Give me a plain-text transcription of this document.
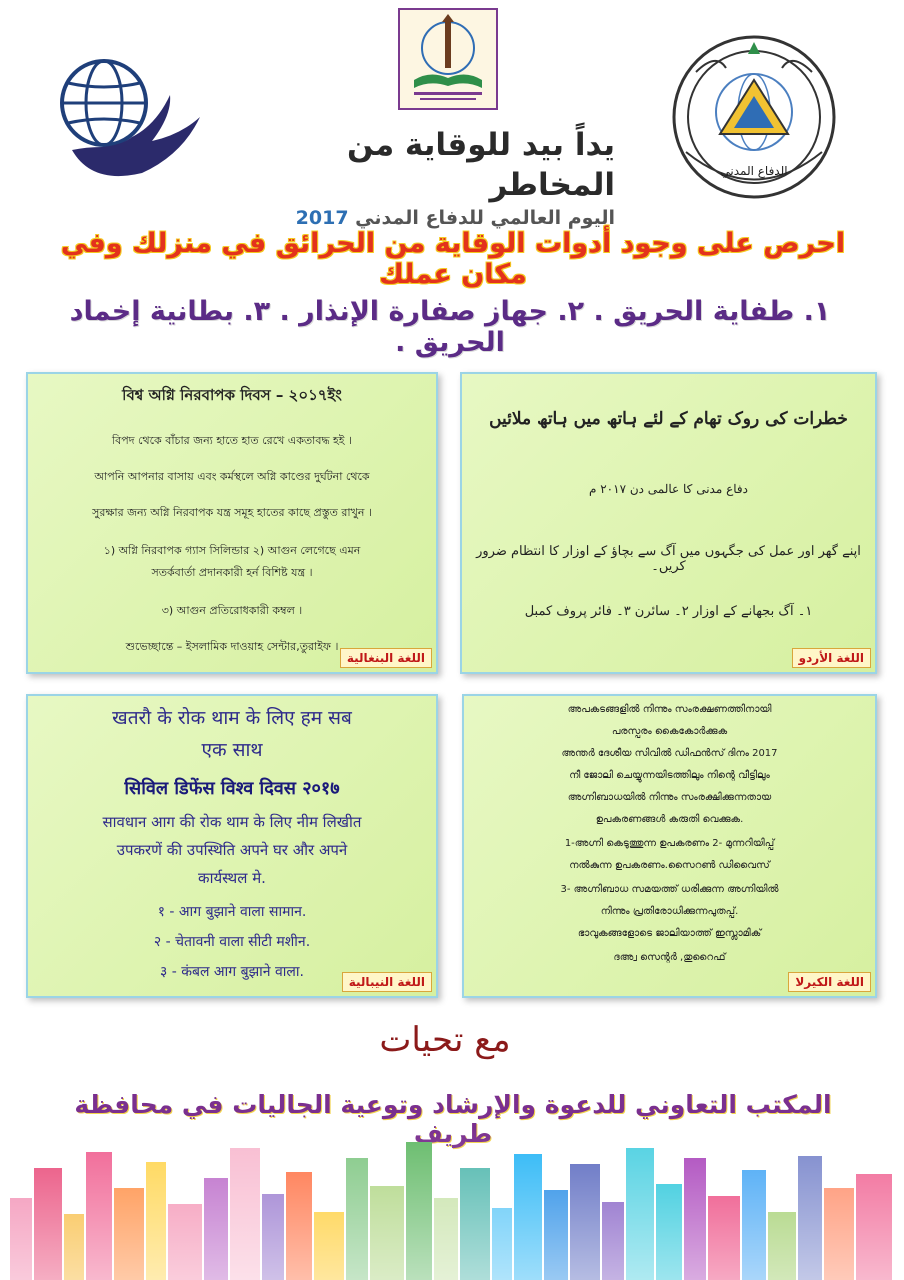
الدفاع المدني
يداً بيد للوقاية من المخاطر
اليوم العالمي للدفاع المدني 2017
احرص على وجود أدوات الوقاية من الحرائق في منزلك وفي مكان عملك
١. طفاية الحريق . ٢. جهاز صفارة الإنذار . ٣. بطانية إخماد الحريق .
বিশ্ব অগ্নি নিরবাপক দিবস – ২০১৭ইং
বিপদ থেকে বাঁচার জন্য হাতে হাত রেখে একতাবদ্ধ হই ।
আপনি আপনার বাসায় এবং কর্মস্থলে অগ্নি কাণ্ডের দুর্ঘটনা থেকে
সুরক্ষার জন্য অগ্নি নিরবাপক যন্ত্র সমূহ হাতের কাছে প্রস্তুত রাখুন ।
১) অগ্নি নিরবাপক গ্যাস সিলিন্ডার ২) আগুন লেগেছে এমন
সতর্কবার্তা প্রদানকারী হর্ন বিশিষ্ট যন্ত্র ।
৩) আগুন প্রতিরোধকারী কম্বল ।
শুভেচ্ছান্তে – ইসলামিক দাওয়াহ সেন্টার,তুরাইফ ।
اللغة البنغالية
خطرات کی روک تھام کے لئے ہاتھ میں ہاتھ ملائیں
دفاع مدنی کا عالمی دن ۲۰۱۷ م
اپنے گھر اور عمل کی جگہوں میں آگ سے بچاؤ کے اوزار کا انتظام ضرور کریں۔
۱۔ آگ بجھانے کے اوزار ۲۔ سائرن ۳۔ فائر پروف کمبل
اللغة الأردو
खतरौ के रोक थाम के लिए हम सब
एक साथ
सिविल डिफेंस विश्व दिवस २०१७
सावधान आग की रोक थाम के लिए नीम लिखीत
उपकरणें की उपस्थिति अपने घर और अपने
कार्यस्थल मे.
१ - आग बुझाने वाला सामान.
२ - चेतावनी वाला सीटी मशीन.
३ - कंबल आग बुझाने वाला.
اللغة النيبالية
അപകടങ്ങളിൽ നിന്നും സംരക്ഷണത്തിനായി
പരസ്പരം കൈകോർക്കുക
അന്തർ ദേശീയ സിവിൽ ഡിഫൻസ് ദിനം 2017
നീ ജോലി ചെയ്യുന്നയിടത്തിലും നിന്റെ വീട്ടിലും
അഗ്നിബാധയിൽ നിന്നും സംരക്ഷിക്കുന്നതായ
ഉപകരണങ്ങൾ കരുതി വെക്കുക.
1-അഗ്നി കെടുത്തുന്ന ഉപകരണം 2- മുന്നറിയിപ്പ്
നൽകുന്ന ഉപകരണം.സൈറൺ ഡിവൈസ്
3- അഗ്നിബാധ സമയത്ത് ധരിക്കുന്ന അഗ്നിയിൽ
നിന്നും പ്രതിരോധിക്കുന്നപുതപ്പ്.
ഭാവുകങ്ങളോടെ ജാലിയാത്ത് ഇസ്ലാമിക്
ദഅ്വ സെന്റർ ,തുറൈഫ്
اللغة الكيرلا
مع تحيات
المكتب التعاوني للدعوة والإرشاد وتوعية الجاليات في محافظة
